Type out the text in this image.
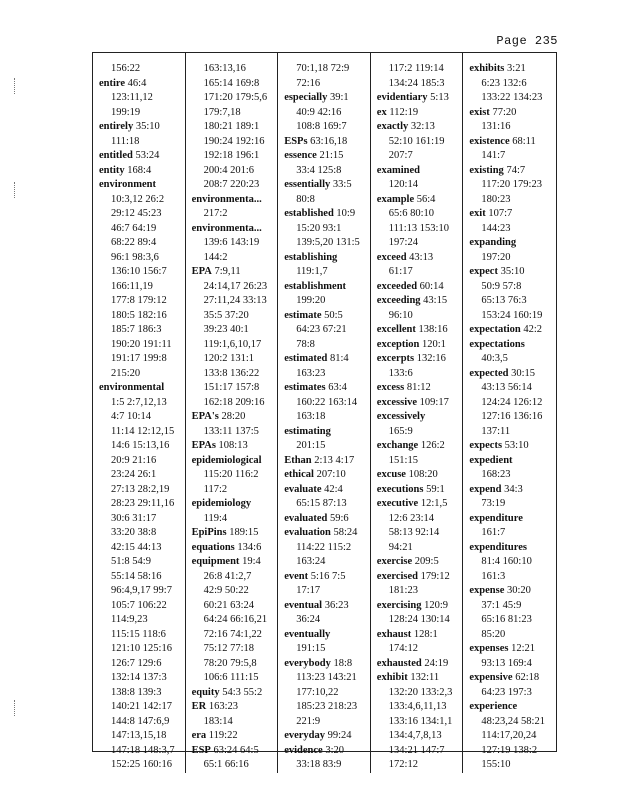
Page 235
156:22
entire 46:4
123:11,12
199:19
entirely 35:10
111:18
entitled 53:24
entity 168:4
environment
10:3,12 26:2
29:12 45:23
46:7 64:19
68:22 89:4
96:1 98:3,6
136:10 156:7
166:11,19
177:8 179:12
180:5 182:16
185:7 186:3
190:20 191:11
191:17 199:8
215:20
environmental
1:5 2:7,12,13
4:7 10:14
11:14 12:12,15
14:6 15:13,16
20:9 21:16
23:24 26:1
27:13 28:2,19
28:23 29:11,16
30:6 31:17
33:20 38:8
42:15 44:13
51:8 54:9
55:14 58:16
96:4,9,17 99:7
105:7 106:22
114:9,23
115:15 118:6
121:10 125:16
126:7 129:6
132:14 137:3
138:8 139:3
140:21 142:17
144:8 147:6,9
147:13,15,18
147:18 148:3,7
152:25 160:16
163:13,16
165:14 169:8
171:20 179:5,6
179:7,18
180:21 189:1
190:24 192:16
192:18 196:1
200:4 201:6
208:7 220:23
environmenta...
217:2
environmenta...
139:6 143:19
144:2
EPA 7:9,11
24:14,17 26:23
27:11,24 33:13
35:5 37:20
39:23 40:1
119:1,6,10,17
120:2 131:1
133:8 136:22
151:17 157:8
162:18 209:16
EPA's 28:20
133:11 137:5
EPAs 108:13
epidemiological
115:20 116:2
117:2
epidemiology
119:4
EpiPins 189:15
equations 134:6
equipment 19:4
26:8 41:2,7
42:9 50:22
60:21 63:24
64:24 66:16,21
72:16 74:1,22
75:12 77:18
78:20 79:5,8
106:6 111:15
equity 54:3 55:2
ER 163:23
183:14
era 119:22
ESP 63:24 64:5
65:1 66:16
70:1,18 72:9
72:16
especially 39:1
40:9 42:16
108:8 169:7
ESPs 63:16,18
essence 21:15
33:4 125:8
essentially 33:5
80:8
established 10:9
15:20 93:1
139:5,20 131:5
establishing
119:1,7
establishment
199:20
estimate 50:5
64:23 67:21
78:8
estimated 81:4
163:23
estimates 63:4
160:22 163:14
163:18
estimating
201:15
Ethan 2:13 4:17
ethical 207:10
evaluate 42:4
65:15 87:13
evaluated 59:6
evaluation 58:24
114:22 115:2
163:24
event 5:16 7:5
17:17
eventual 36:23
36:24
eventually
191:15
everybody 18:8
113:23 143:21
177:10,22
185:23 218:23
221:9
everyday 99:24
evidence 3:20
33:18 83:9
117:2 119:14
134:24 185:3
evidentiary 5:13
ex 112:19
exactly 32:13
52:10 161:19
207:7
examined
120:14
example 56:4
65:6 80:10
111:13 153:10
197:24
exceed 43:13
61:17
exceeded 60:14
exceeding 43:15
96:10
excellent 138:16
exception 120:1
excerpts 132:16
133:6
excess 81:12
excessive 109:17
excessively
165:9
exchange 126:2
151:15
excuse 108:20
executions 59:1
executive 12:1,5
12:6 23:14
58:13 92:14
94:21
exercise 209:5
exercised 179:12
181:23
exercising 120:9
128:24 130:14
exhaust 128:1
174:12
exhausted 24:19
exhibit 132:11
132:20 133:2,3
133:4,6,11,13
133:16 134:1,1
134:4,7,8,13
134:21 147:7
172:12
exhibits 3:21
6:23 132:6
133:22 134:23
exist 77:20
131:16
existence 68:11
141:7
existing 74:7
117:20 179:23
180:23
exit 107:7
144:23
expanding
197:20
expect 35:10
50:9 57:8
65:13 76:3
153:24 160:19
expectation 42:2
expectations
40:3,5
expected 30:15
43:13 56:14
124:24 126:12
127:16 136:16
137:11
expects 53:10
expedient
168:23
expend 34:3
73:19
expenditure
161:7
expenditures
81:4 160:10
161:3
expense 30:20
37:1 45:9
65:16 81:23
85:20
expenses 12:21
93:13 169:4
expensive 62:18
64:23 197:3
experience
48:23,24 58:21
114:17,20,24
127:19 138:2
155:10
